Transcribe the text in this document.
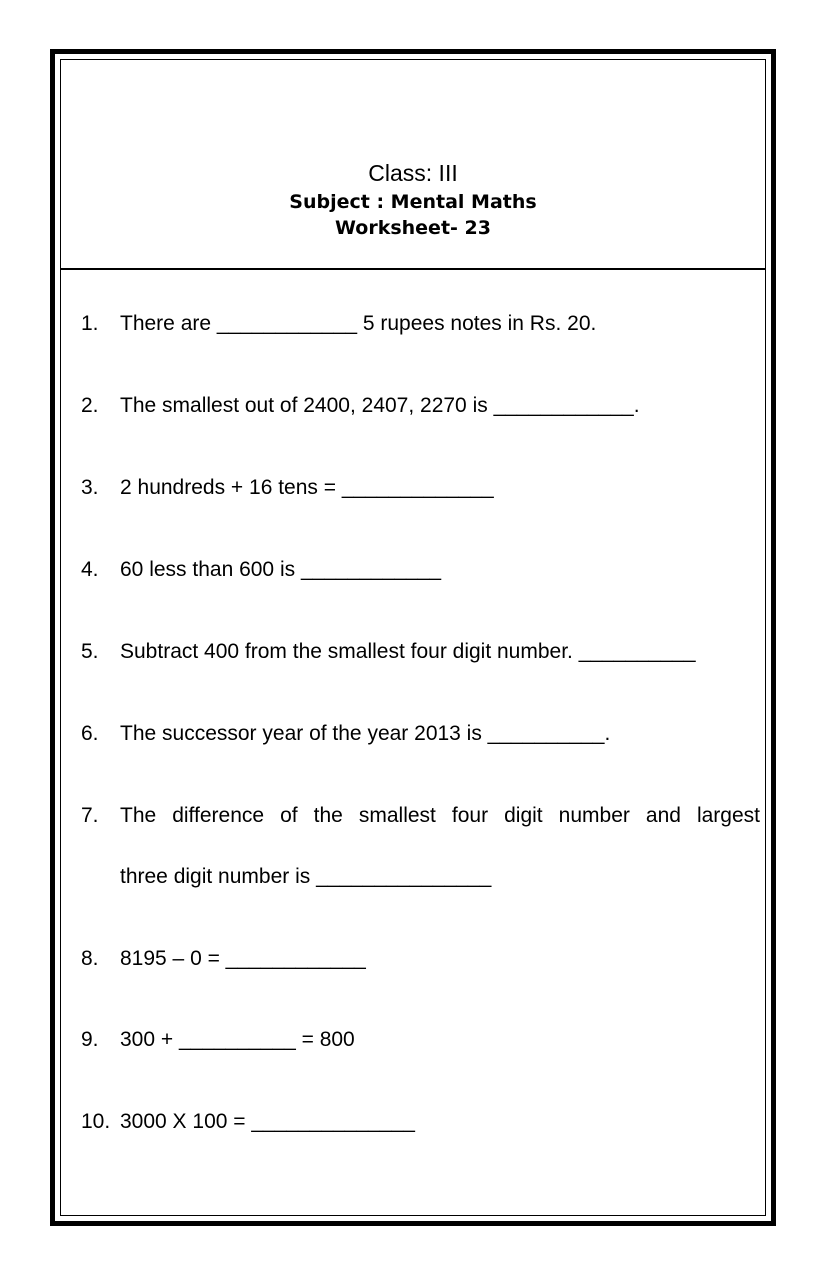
Class: III
Subject : Mental Maths
Worksheet- 23

1.

There are ____________ 5 rupees notes in Rs. 20.

2.

The smallest out of 2400, 2407, 2270 is ____________.

3.

2 hundreds + 16 tens = _____________

4.

60 less than 600 is ____________

5.

Subtract 400 from the smallest four digit number. __________

6.

The successor year of the year 2013 is __________.

7.

The difference of the smallest four digit number and largest

three digit number is _______________

8.

8195 – 0 = ____________

9.

300 + __________ = 800

10.

3000 X 100 = ______________
